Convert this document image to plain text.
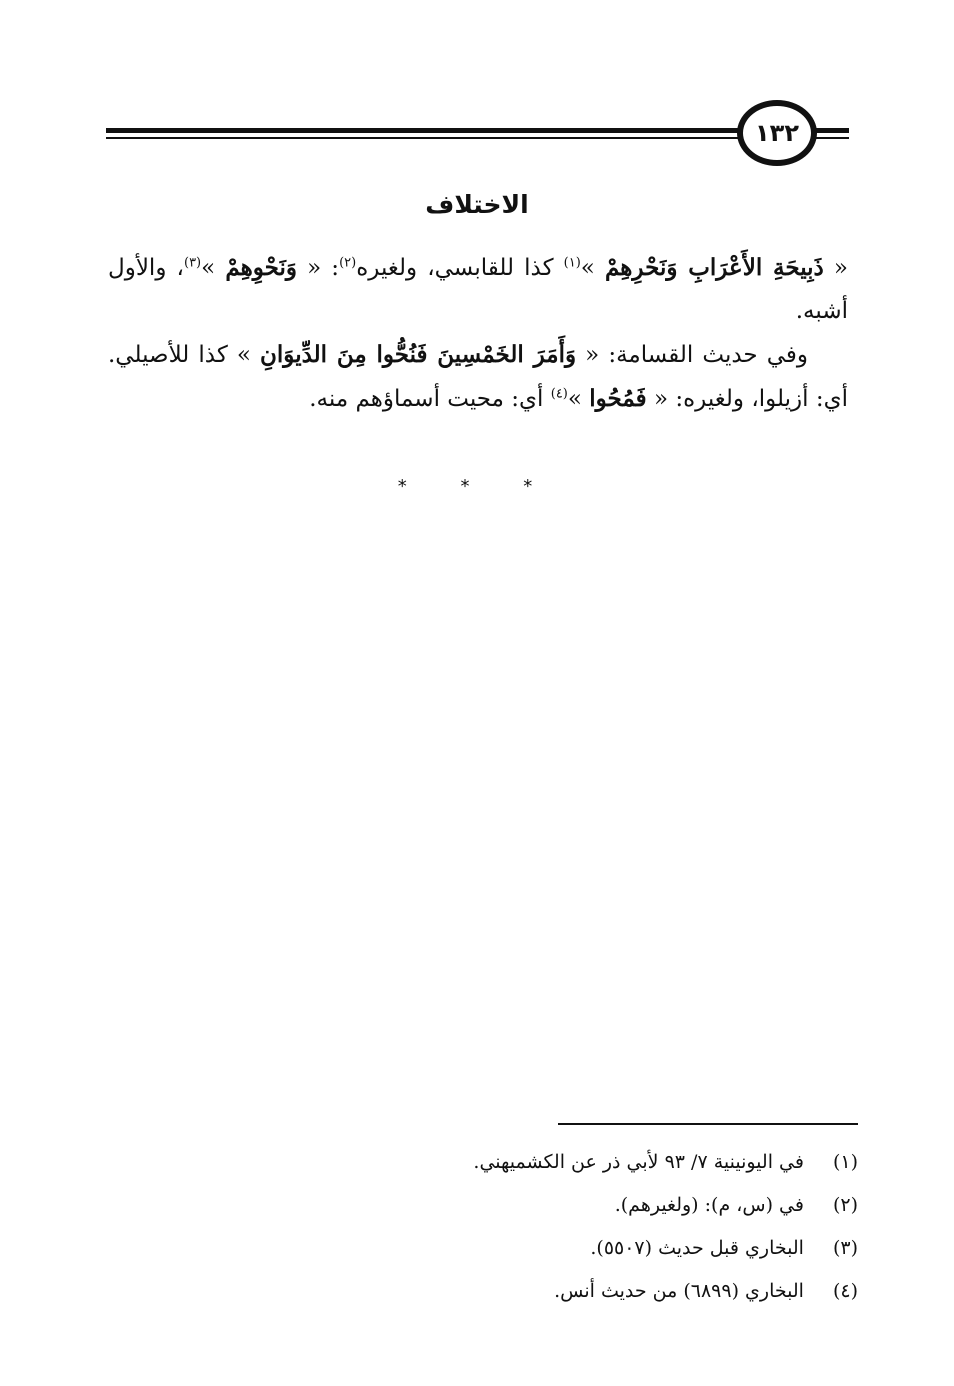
١٣٢
الاختلاف

« ذَبِيحَةِ الأَعْرَابِ وَنَحْرِهِمْ »$^{(١)}$ كذا للقابسي، ولغيره$^{(٢)}$: « وَنَحْوِهِمْ »$^{(٣)}$، والأول أشبه.

وفي حديث القسامة: « وَأَمَرَ الخَمْسِينَ فَنُحُّوا مِنَ الدِّيوَانِ » كذا للأصيلي. أي: أزيلوا، ولغيره: « فَمُحُوا »$^{(٤)}$ أي: محيت أسماؤهم منه.

* * *
(١) في اليونينية ٧/ ٩٣ لأبي ذر عن الكشميهني.
(٢) في (س، م): (ولغيرهم).
(٣) البخاري قبل حديث (٥٥٠٧).
(٤) البخاري (٦٨٩٩) من حديث أنس.
